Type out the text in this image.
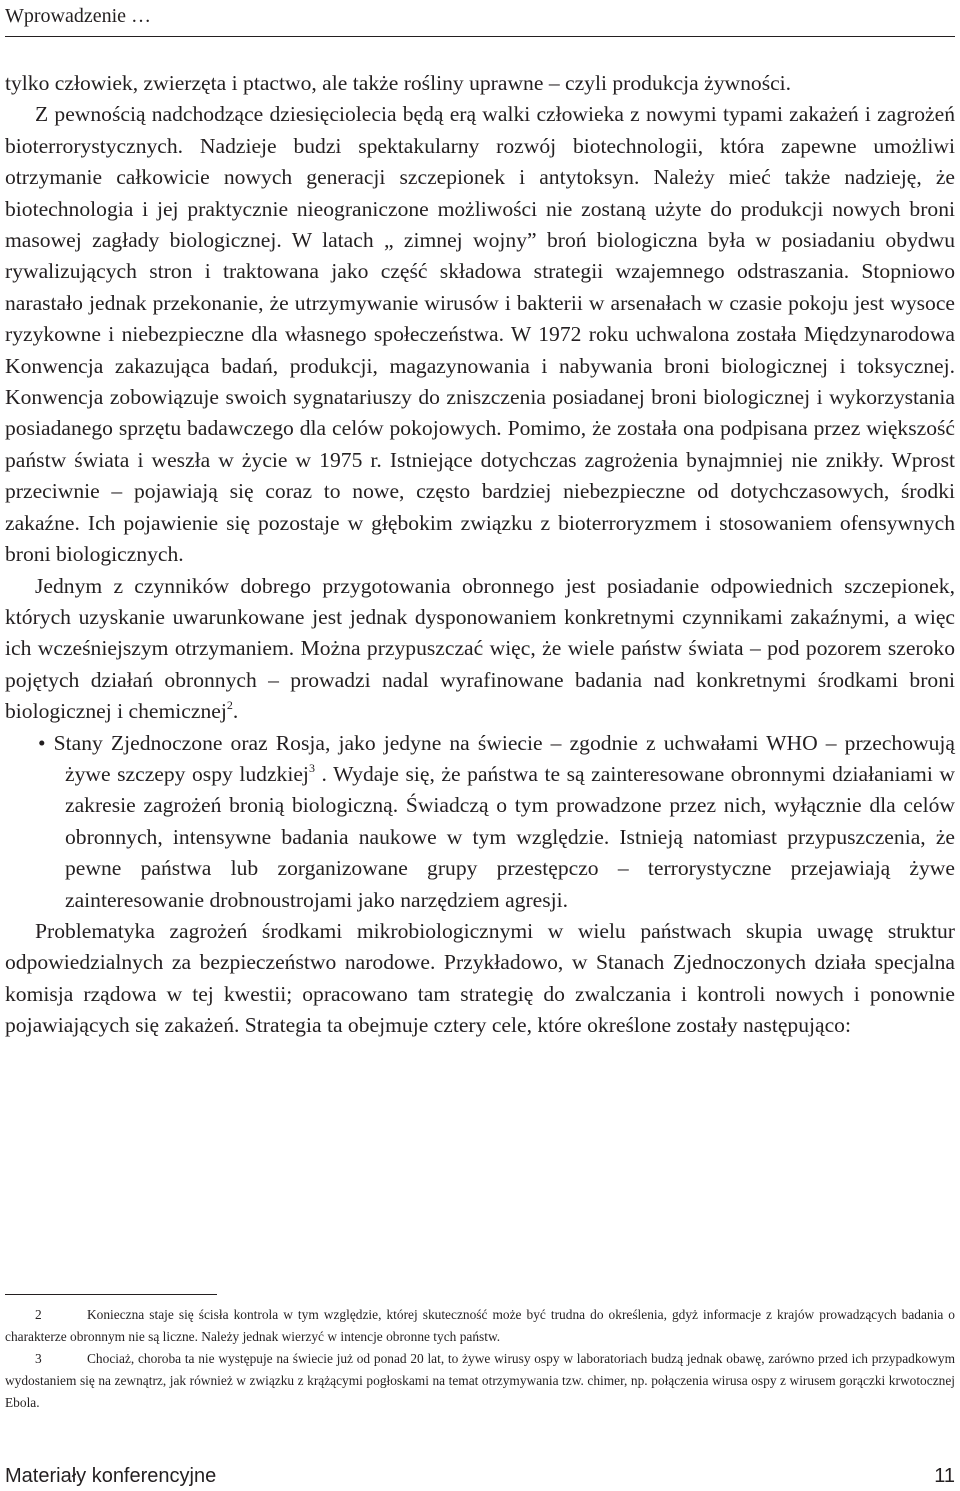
Wprowadzenie …

tylko człowiek, zwierzęta i ptactwo, ale także rośliny uprawne – czyli produkcja żywności.

Z pewnością nadchodzące dziesięciolecia będą erą walki człowieka z nowymi typami zakażeń i zagrożeń bioterrorystycznych. Nadzieje budzi spektakularny rozwój biotechnologii, która zapewne umożliwi otrzymanie całkowicie nowych generacji szczepionek i antytoksyn. Należy mieć także nadzieję, że biotechnologia i jej praktycznie nieograniczone możliwości nie zostaną użyte do produkcji nowych broni masowej zagłady biologicznej. W latach „ zimnej wojny” broń biologiczna była w posiadaniu obydwu rywalizujących stron i traktowana jako część składowa strategii wzajemnego odstraszania. Stopniowo narastało jednak przekonanie, że utrzymywanie wirusów i bakterii w arsenałach w czasie pokoju jest wysoce ryzykowne i niebezpieczne dla własnego społeczeństwa. W 1972 roku uchwalona została Międzynarodowa Konwencja zakazująca badań, produkcji, magazynowania i nabywania broni biologicznej i toksycznej. Konwencja zobowiązuje swoich sygnatariuszy do zniszczenia posiadanej broni biologicznej i wykorzystania posiadanego sprzętu badawczego dla celów pokojowych. Pomimo, że została ona podpisana przez większość państw świata i weszła w życie w 1975 r. Istniejące dotychczas zagrożenia bynajmniej nie znikły. Wprost przeciwnie – pojawiają się coraz to nowe, często bardziej niebezpieczne od dotychczasowych, środki zakaźne. Ich pojawienie się pozostaje w głębokim związku z bioterroryzmem i stosowaniem ofensywnych broni biologicznych.

Jednym z czynników dobrego przygotowania obronnego jest posiadanie odpowiednich szczepionek, których uzyskanie uwarunkowane jest jednak dysponowaniem konkretnymi czynnikami zakaźnymi, a więc ich wcześniejszym otrzymaniem. Można przypuszczać więc, że wiele państw świata – pod pozorem szeroko pojętych działań obronnych – prowadzi nadal wyrafinowane badania nad konkretnymi środkami broni biologicznej i chemicznej$^2$.

• Stany Zjednoczone oraz Rosja, jako jedyne na świecie – zgodnie z uchwałami WHO – przechowują żywe szczepy ospy ludzkiej$^3$ . Wydaje się, że państwa te są zainteresowane obronnymi działaniami w zakresie zagrożeń bronią biologiczną. Świadczą o tym prowadzone przez nich, wyłącznie dla celów obronnych, intensywne badania naukowe w tym względzie. Istnieją natomiast przypuszczenia, że pewne państwa lub zorganizowane grupy przestępczo – terrorystyczne przejawiają żywe zainteresowanie drobnoustrojami jako narzędziem agresji.

Problematyka zagrożeń środkami mikrobiologicznymi w wielu państwach skupia uwagę struktur odpowiedzialnych za bezpieczeństwo narodowe. Przykładowo, w Stanach Zjednoczonych działa specjalna komisja rządowa w tej kwestii; opracowano tam strategię do zwalczania i kontroli nowych i ponownie pojawiających się zakażeń. Strategia ta obejmuje cztery cele, które określone zostały następująco:

2	Konieczna staje się ścisła kontrola w tym względzie, której skuteczność może być trudna do określenia, gdyż informacje z krajów prowadzących badania o charakterze obronnym nie są liczne. Należy jednak wierzyć w intencje obronne tych państw.

3	Chociaż, choroba ta nie występuje na świecie już od ponad 20 lat, to żywe wirusy ospy w laboratoriach budzą jednak obawę, zarówno przed ich przypadkowym wydostaniem się na zewnątrz, jak również w związku z krążącymi pogłoskami na temat otrzymywania tzw. chimer, np. połączenia wirusa ospy z wirusem gorączki krwotocznej Ebola.

Materiały konferencyjne	11
